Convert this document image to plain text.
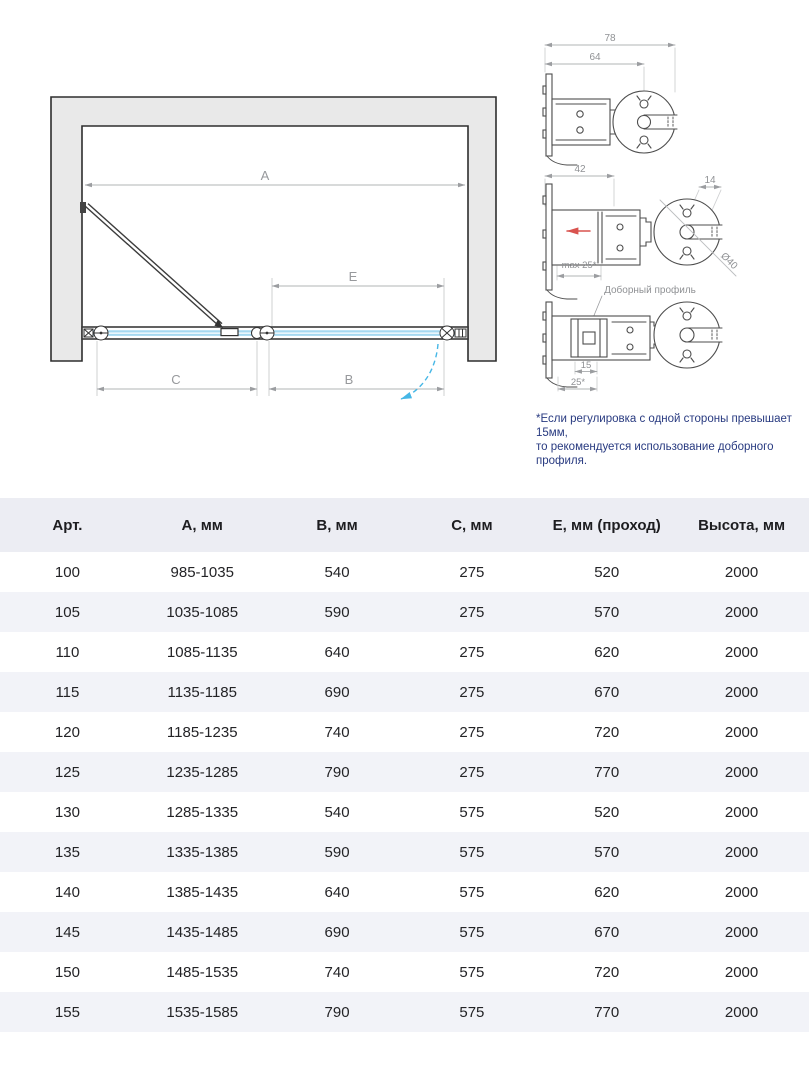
A
E
C	B
78
64
42
14
max 25*	Ø40
Доборный профиль
15
25*
*Если регулировка с одной стороны превышает 15мм,
то рекомендуется использование доборного профиля.
Арт.	А, мм	В, мм	С, мм	Е, мм (проход)	Высота, мм
100	985-1035	540	275	520	2000
105	1035-1085	590	275	570	2000
110	1085-1135	640	275	620	2000
115	1135-1185	690	275	670	2000
120	1185-1235	740	275	720	2000
125	1235-1285	790	275	770	2000
130	1285-1335	540	575	520	2000
135	1335-1385	590	575	570	2000
140	1385-1435	640	575	620	2000
145	1435-1485	690	575	670	2000
150	1485-1535	740	575	720	2000
155	1535-1585	790	575	770	2000
